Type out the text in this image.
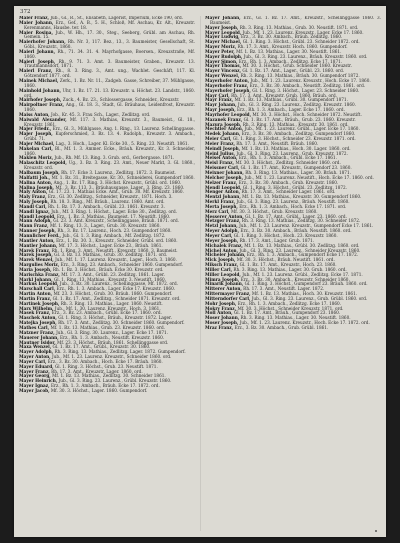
372
Maier Franz, Jub., Gl., R., St., Elisabeth, Lagerist, Imperium, Ecke 190, ord.
Maier Johann, Erz., Gef., A. B., 5. H., Schloß, Mf. Aschau, Kr. Alt., Kreuzstr. Kerenmanns, Hausbe. ter. 18.
Maier Rosina, Jub., W. Hh., 17. 30., Steg., Seeberg, Grübl. am Aschau, Rh. Gemein. 15.
Maierhofer Johann, Rh. Nr. 3, 117. Bez., 13., 3. Baumeister, Gesellschaft, St. Göbl., Kreuzstr., 1860.
Maierl Johann, Rh., 71. 34. 31. 4. Mayrhofgasse, Boersen., Kreuzstraße, Mf. 1860.
Maierl Joseph, Rh. 9. 71. 3. Amt. 3. Baumeister, Graben., Kreuzstr. 13. Trautmannsdorf, 1871.
Maierl Franz, Rh., 8. 3. Ring. 3., Amt. ung., Wachlet. Geschäft, 117. Kl. Götzendorf 1877. ord.
Mainek Michael, Zerk., 1. Bz. Nr. 11., Zadgeb. Gasse, Schreiber, 37. Mühlgasse, 1860.
Mainhold Johann, Uhr, 1. Bz. 17. 21. 13. Kreuzstr. u. Höchst. 23. Landstr., 1860. ord.
Mairhofer Joseph, Zuck., 4. Bz. 23., Schlossergasse, Schneider., Kreuzstr.
Mairpoltner Franz, Ang., Gl. 18. 3., Stadt, Gl. Bräuhaus, Leidenfrost, Kreuzstr. 1860.
Maiss Anton, Job., Kr. 45. 3. Frau Sch., Lager., Zedlitzg. ord.
Maiwald Alexander, Mf. 117. 3. Mathias, Kreuzstr. 3., Baumeist., Gl. 18., Kreuzstr. 1861.
Majer Friedr., Erz., Gl. 3., Mühlgasse, Ang. 1. Ring., 13. Laurenz. Schellinggasse.
Majer Joseph, Kupferschmied, 3. Bz. 13. 4. Rudolph., Kreuzstr. 3. Ambach., Grübl. 71.
Majer Michael, Lag., 3. Hoch., Lager. Kl. Ecke 30., 5. Ring. 23. Neustift. 1861.
Makelan Carl, Bl., Mf. 1. 3. Ammer. Ecke., Bräuh. Kreuzstr., Kr. 3. Schneider, 1860.
Maklen Moriz, Jub., Rh. Mf. 13. Ring. 3. Grub. ord., Gerbergasse. 1871.
Malaschitz Leopold, Ug., 3. Bz. 3. Ring. 23. Amt., Neuer Markt, 3. Gl. 1860., Kreuzstr. ord.
Malbaum Joseph, Rh. 17. Ecke 3. Laurenz., Zedlitzg. 1872. 3. Baumeist.
Malfatti Joh., Mf. 1. Bz. 31., Breitegasse, Kr. 30., Schneiderei, Gumpendorf 1860.
Malina Anton, Ang., 1. Bz. 17. Ring. 3. Höchst. Kreuzstr., Grübl. ord. 1860.
Malina Joseph, Mf., 3. Bz. 113. 3., Bräuhausgasse, Lager., 3. Ring. 23. 1860.
Maly Anton, Gl. 17. 23. 1. Mathias Ecke. Amt., Grub. 30. Mf. Kreuzstr. 1860.
Maly Franz, Erz., Gl. 30. Zedlitzg., Schneider, Kreuzstr., 1871. Hoch. 3.
Maly Joseph, Rh. 18. 3. Ring., Mf. Bräuh., Laurenz. 1860. Amt. ord.
Mandl Carl, Rh. 1. Bz. 17. 3. Ambach., Grübl. 23. 1861. Kreuzstr. 3.
Mandl Ignaz, Jub., Mf. 3. Ring. 1. Höchst., Lager. Ecke 30., Zedlitzg. ord.
Mandl Leopold, Erz., 1. Bz. 3. Mathias., Baumeist. 17. Neustift. 1860.
Mann Adolph, Gl. 23. 3. Amt. Kreuzstr., Schellinggasse, Bräuh. 1871. ord.
Mann Franz, Mf. 1. Ring. 13. 3., Lager., Grub. 30. Kreuzstr. 1860.
Manner Joseph, Rh., 3. Bz. 17. Laurenz., Hoch. 23. Gumpendorf 1860.
Mannlicher Ferd., Jub., Gl. 1. 3. Ring. Ambach., Mf. Zedlitzg. 1872.
Mantler Anton, Erz., 1. Bz. 30. 3., Kreuzstr., Schneider, Grübl. ord. 1860.
Mantler Johann, Mf. 17. 3. Höchst., Lager. Ecke 23., Bräuh. 1861.
Marek Franz, Rh. 1. Ring. 3. Amt., Neustift., Kreuzstr. 1860. 3. Baumeist.
Marek Joseph, Gl. 3. Bz. 13. Mathias., Grub. 30. Zedlitzg. 1871. ord.
Marek Wenzel, Jub., Mf. 1. 17. Laurenz. Kreuzstr., Lager., Hoch. 3. 1860.
Margulies Moriz, Erz., 3. Ring. 23. Ambach., Schneider 1860. Gumpendorf.
Maria Joseph, Rh. 1. Bz. 3. Höchst., Bräuh. Ecke 30. Kreuzstr. ord.
Marischka Franz, Mf. 17. 3. Amt., Grübl. 23. Zedlitzg. 1861. Lager.
Markl Johann, Gl. 1. Ring. 13. Mathias., Kreuzstr. 3. Neustift. 1860.
Markus Leopold, Jub., 3. Bz. 30. Laurenz., Schellinggasse, Mf. 1872. ord.
Marschall Carl, Erz., Rh. 1. 3. Ambach., Lager. Ecke 17. Kreuzstr. 1860.
Martin Anton, Mf. 23. 3. Höchst., Grub. 30. Bräuh. 1860. Gumpendorf.
Martin Franz, Gl. 1. Bz. 17. Amt., Zedlitzg., Schneider 1871. Kreuzstr. ord.
Martinek Joseph, Rh. 3. Ring. 13. Mathias., Lager. 1860. Neustift.
Marx Wilhelm, Jub., Mf. 1. 30. Laurenz. Kreuzstr., Hoch. 3. 1861.
Masek Franz, Erz., 3. Bz. 23. Ambach., Grübl. Ecke 17. 1860. ord.
Maschek Anton, Gl. 1. Ring. 3. Höchst., Bräuh., Kreuzstr. 1872. Lager.
Matejka Joseph, Rh. 17. 3. Amt., Zedlitzg. 30. Schneider 1860. Gumpendorf.
Mathes Carl, Mf. 1. Bz. 13. Mathias., Grub. 23. Kreuzstr. 1860. ord.
Matzner Franz, Jub., Gl. 3. Ring. 30. Laurenz., Lager. Ecke 17. 1871.
Mauerer Johann, Erz., Rh. 1. 3. Ambach., Neustift. Kreuzstr. 1860.
Mautner Isidor, Mf. 23. 3. Höchst., Bräuh. 1861. Schellinggasse ord.
Maxa Wenzel, Gl. 1. Bz. 17. Amt., Grübl., Kreuzstr. 30. 1860.
Mayer Adolph, Rh. 3. Ring. 13. Mathias., Zedlitzg. Lager. 1872. Gumpendorf.
Mayer Anton, Jub., Mf. 1. 23. Laurenz. Kreuzstr., Schneider 1860. ord.
Mayer Carl, Erz., 3. Bz. 30. Ambach., Hoch. Ecke 17. Bräuh. 1860.
Mayer Eduard, Gl. 1. Ring. 3. Höchst., Grub. 23. Neustift. 1871.
Mayer Franz, Rh. 17. 3. Amt., Kreuzstr. Lager. 1860. ord.
Mayer Georg, Mf. 1. Bz. 13. Mathias., Zedlitzg. 30. Schneider 1861.
Mayer Heinrich, Jub., Gl. 3. Ring. 23. Laurenz., Grübl. Kreuzstr. 1860.
Mayer Ignaz, Erz., Rh. 1. 3. Ambach., Bräuh. Ecke 17. 1872. ord.
Mayer Jacob, Mf. 30. 3. Höchst., Lager. 1860. Gumpendorf.
Mayer Johann, Erz., Gl. 1. Bz. 17. Amt., Kreuzstr., Schellinggasse 1860. 3. Baumeist.
Mayer Joseph, Rh. 3. Ring. 13. Mathias., Grub. 30. Neustift. 1871. ord.
Mayer Leopold, Jub., Mf. 1. 23. Laurenz. Kreuzstr., Lager. Ecke 17. 1860.
Mayer Ludwig, Erz., 3. Bz. 30. Ambach., Bräuh. Zedlitzg. 1860.
Mayer Michael, Gl. 1. Ring. 3. Höchst., Grübl. 23. Schneider 1872. ord.
Mayer Moriz, Rh. 17. 3. Amt., Kreuzstr. Hoch. 1860. Gumpendorf.
Mayer Peter, Mf. 1. Bz. 13. Mathias., Lager. 30. Neustift. 1861.
Mayer Rudolph, Jub., Gl. 3. Ring. 23. Laurenz., Bräuh. Kreuzstr. 1860. ord.
Mayer Simon, Erz., Rh. 1. 3. Ambach., Zedlitzg. Ecke 17. 1871.
Mayer Thomas, Mf. 30. 3. Höchst., Grub. Schneider 1860. Kreuzstr.
Mayer Vincenz, Gl. 1. Bz. 17. Amt., Lager., Grübl. 23. 1860. ord.
Mayer Wenzel, Rh. 3. Ring. 13. Mathias., Bräuh. 30. Gumpendorf 1872.
Mayerhofer Anton, Jub., Mf. 1. 23. Laurenz. Kreuzstr., Hoch. Ecke 17. 1860.
Mayerhofer Franz, Erz., 3. Bz. 30. Ambach., Neustift. Zedlitzg. 1861. ord.
Mayerhofer Joseph, Gl. 1. Ring. 3. Höchst., Lager. 23. Schneider 1860.
Mayr Carl, Rh. 17. 3. Amt., Kreuzstr. Grub. 1860. Bräuh. ord.
Mayr Franz, Mf. 1. Bz. 13. Mathias., Grübl. 30. Gumpendorf 1871.
Mayr Johann, Jub., Gl. 3. Ring. 23. Laurenz., Zedlitzg. Kreuzstr. 1860.
Mayr Joseph, Erz., Rh. 1. 3. Ambach., Lager. Ecke 17. 1860. ord.
Mayrhofer Leopold, Mf. 30. 3. Höchst., Hoch. Schneider 1872. Neustift.
Mazanek Franz, Gl. 1. Bz. 17. Amt., Bräuh., Grub. 23. 1860. Kreuzstr.
Mazura Joseph, Rh. 3. Ring. 13. Mathias., Kreuzstr. 30. 1861. ord.
Mechtler Anton, Jub., Mf. 1. 23. Laurenz. Grübl., Lager. Ecke 17. 1860.
Medek Johann, Erz., 3. Bz. 30. Ambach., Zedlitzg. Gumpendorf 1860.
Meier Carl, Gl. 1. Ring. 3. Höchst., Schneider 23. Kreuzstr. 1871. ord.
Meier Franz, Rh. 17. 3. Amt., Neustift. Bräuh. 1860.
Meindl Joseph, Mf. 1. Bz. 13. Mathias., Hoch. 30. Lager. 1860. ord.
Meinl Julius, Jub., Gl. 3. Ring. 23. Laurenz., Grub. Kreuzstr. 1872.
Meisel Anton, Erz., Rh. 1. 3. Ambach., Grübl. Ecke 17. 1861.
Meisl Franz, Mf. 30. 3. Höchst., Zedlitzg. Schneider 1860. ord.
Meissner Carl, Gl. 1. Bz. 17. Amt., Kreuzstr., Gumpendorf 23. 1860.
Meixner Johann, Rh. 3. Ring. 13. Mathias., Lager. 30. Bräuh. 1871.
Melcher Joseph, Jub., Mf. 1. 23. Laurenz. Neustift., Hoch. Ecke 17. 1860. ord.
Melzer Franz, Erz., 3. Bz. 30. Ambach., Grub. Kreuzstr. 1860.
Mendl Leopold, Gl. 1. Ring. 3. Höchst., Grübl. 23. Zedlitzg. 1872.
Menger Anton, Rh. 17. 3. Amt., Schneider Lager. 1861. ord.
Mentzl Johann, Mf. 1. Bz. 13. Mathias., Kreuzstr. 30. Gumpendorf 1860.
Merkl Franz, Jub., Gl. 3. Ring. 23. Laurenz., Bräuh. Neustift. 1860.
Merta Joseph, Erz., Rh. 1. 3. Ambach., Hoch. Ecke 17. 1871. ord.
Merz Carl, Mf. 30. 3. Höchst., Grub. Kreuzstr. 1860.
Messerer Anton, Gl. 1. Bz. 17. Amt., Grübl., Lager. 23. 1860. ord.
Metzger Franz, Rh. 3. Ring. 13. Mathias., Zedlitzg. 30. Schneider 1872.
Metzl Johann, Jub., Mf. 1. 23. Laurenz. Kreuzstr., Gumpendorf Ecke 17. 1861.
Meyer Adolph, Erz., 3. Bz. 30. Ambach., Bräuh. Neustift. 1860. ord.
Meyer Carl, Gl. 1. Ring. 3. Höchst., Hoch. 23. Kreuzstr. 1860.
Meyer Joseph, Rh. 17. 3. Amt., Lager. Grub. 1871.
Michalek Franz, Mf. 1. Bz. 13. Mathias., Grübl. 30. Zedlitzg. 1860. ord.
Michel Anton, Jub., Gl. 3. Ring. 23. Laurenz., Schneider Kreuzstr. 1860.
Micheler Johann, Erz., Rh. 1. 3. Ambach., Gumpendorf Ecke 17. 1872.
Mick Joseph, Mf. 30. 3. Höchst., Bräuh. Neustift. 1861. ord.
Miksch Franz, Gl. 1. Bz. 17. Amt., Kreuzstr., Hoch. 23. 1860.
Miller Carl, Rh. 3. Ring. 13. Mathias., Lager. 30. Grub. 1860. ord.
Miller Leopold, Jub., Mf. 1. 23. Laurenz. Grübl., Zedlitzg. Ecke 17. 1871.
Mimra Joseph, Erz., 3. Bz. 30. Ambach., Kreuzstr. Schneider 1860.
Minarik Johann, Gl. 1. Ring. 3. Höchst., Gumpendorf 23. Bräuh. 1860. ord.
Mitterer Anton, Rh. 17. 3. Amt., Neustift. Lager. 1872.
Mittermayer Franz, Mf. 1. Bz. 13. Mathias., Hoch. 30. Kreuzstr. 1861.
Mitterndorfer Carl, Jub., Gl. 3. Ring. 23. Laurenz., Grub. Grübl. 1860. ord.
Mohr Joseph, Erz., Rh. 1. 3. Ambach., Zedlitzg. Ecke 17. 1860.
Mokry Franz, Mf. 30. 3. Höchst., Schneider Kreuzstr. 1871. ord.
Moll Anton, Gl. 1. Bz. 17. Amt., Bräuh., Gumpendorf 23. 1860.
Moser Johann, Rh. 3. Ring. 13. Mathias., Lager. 30. Neustift. 1860.
Moser Joseph, Jub., Mf. 1. 23. Laurenz. Kreuzstr., Hoch. Ecke 17. 1872. ord.
Mraz Franz, Erz., 3. Bz. 30. Ambach., Grub. Grübl. 1861.
